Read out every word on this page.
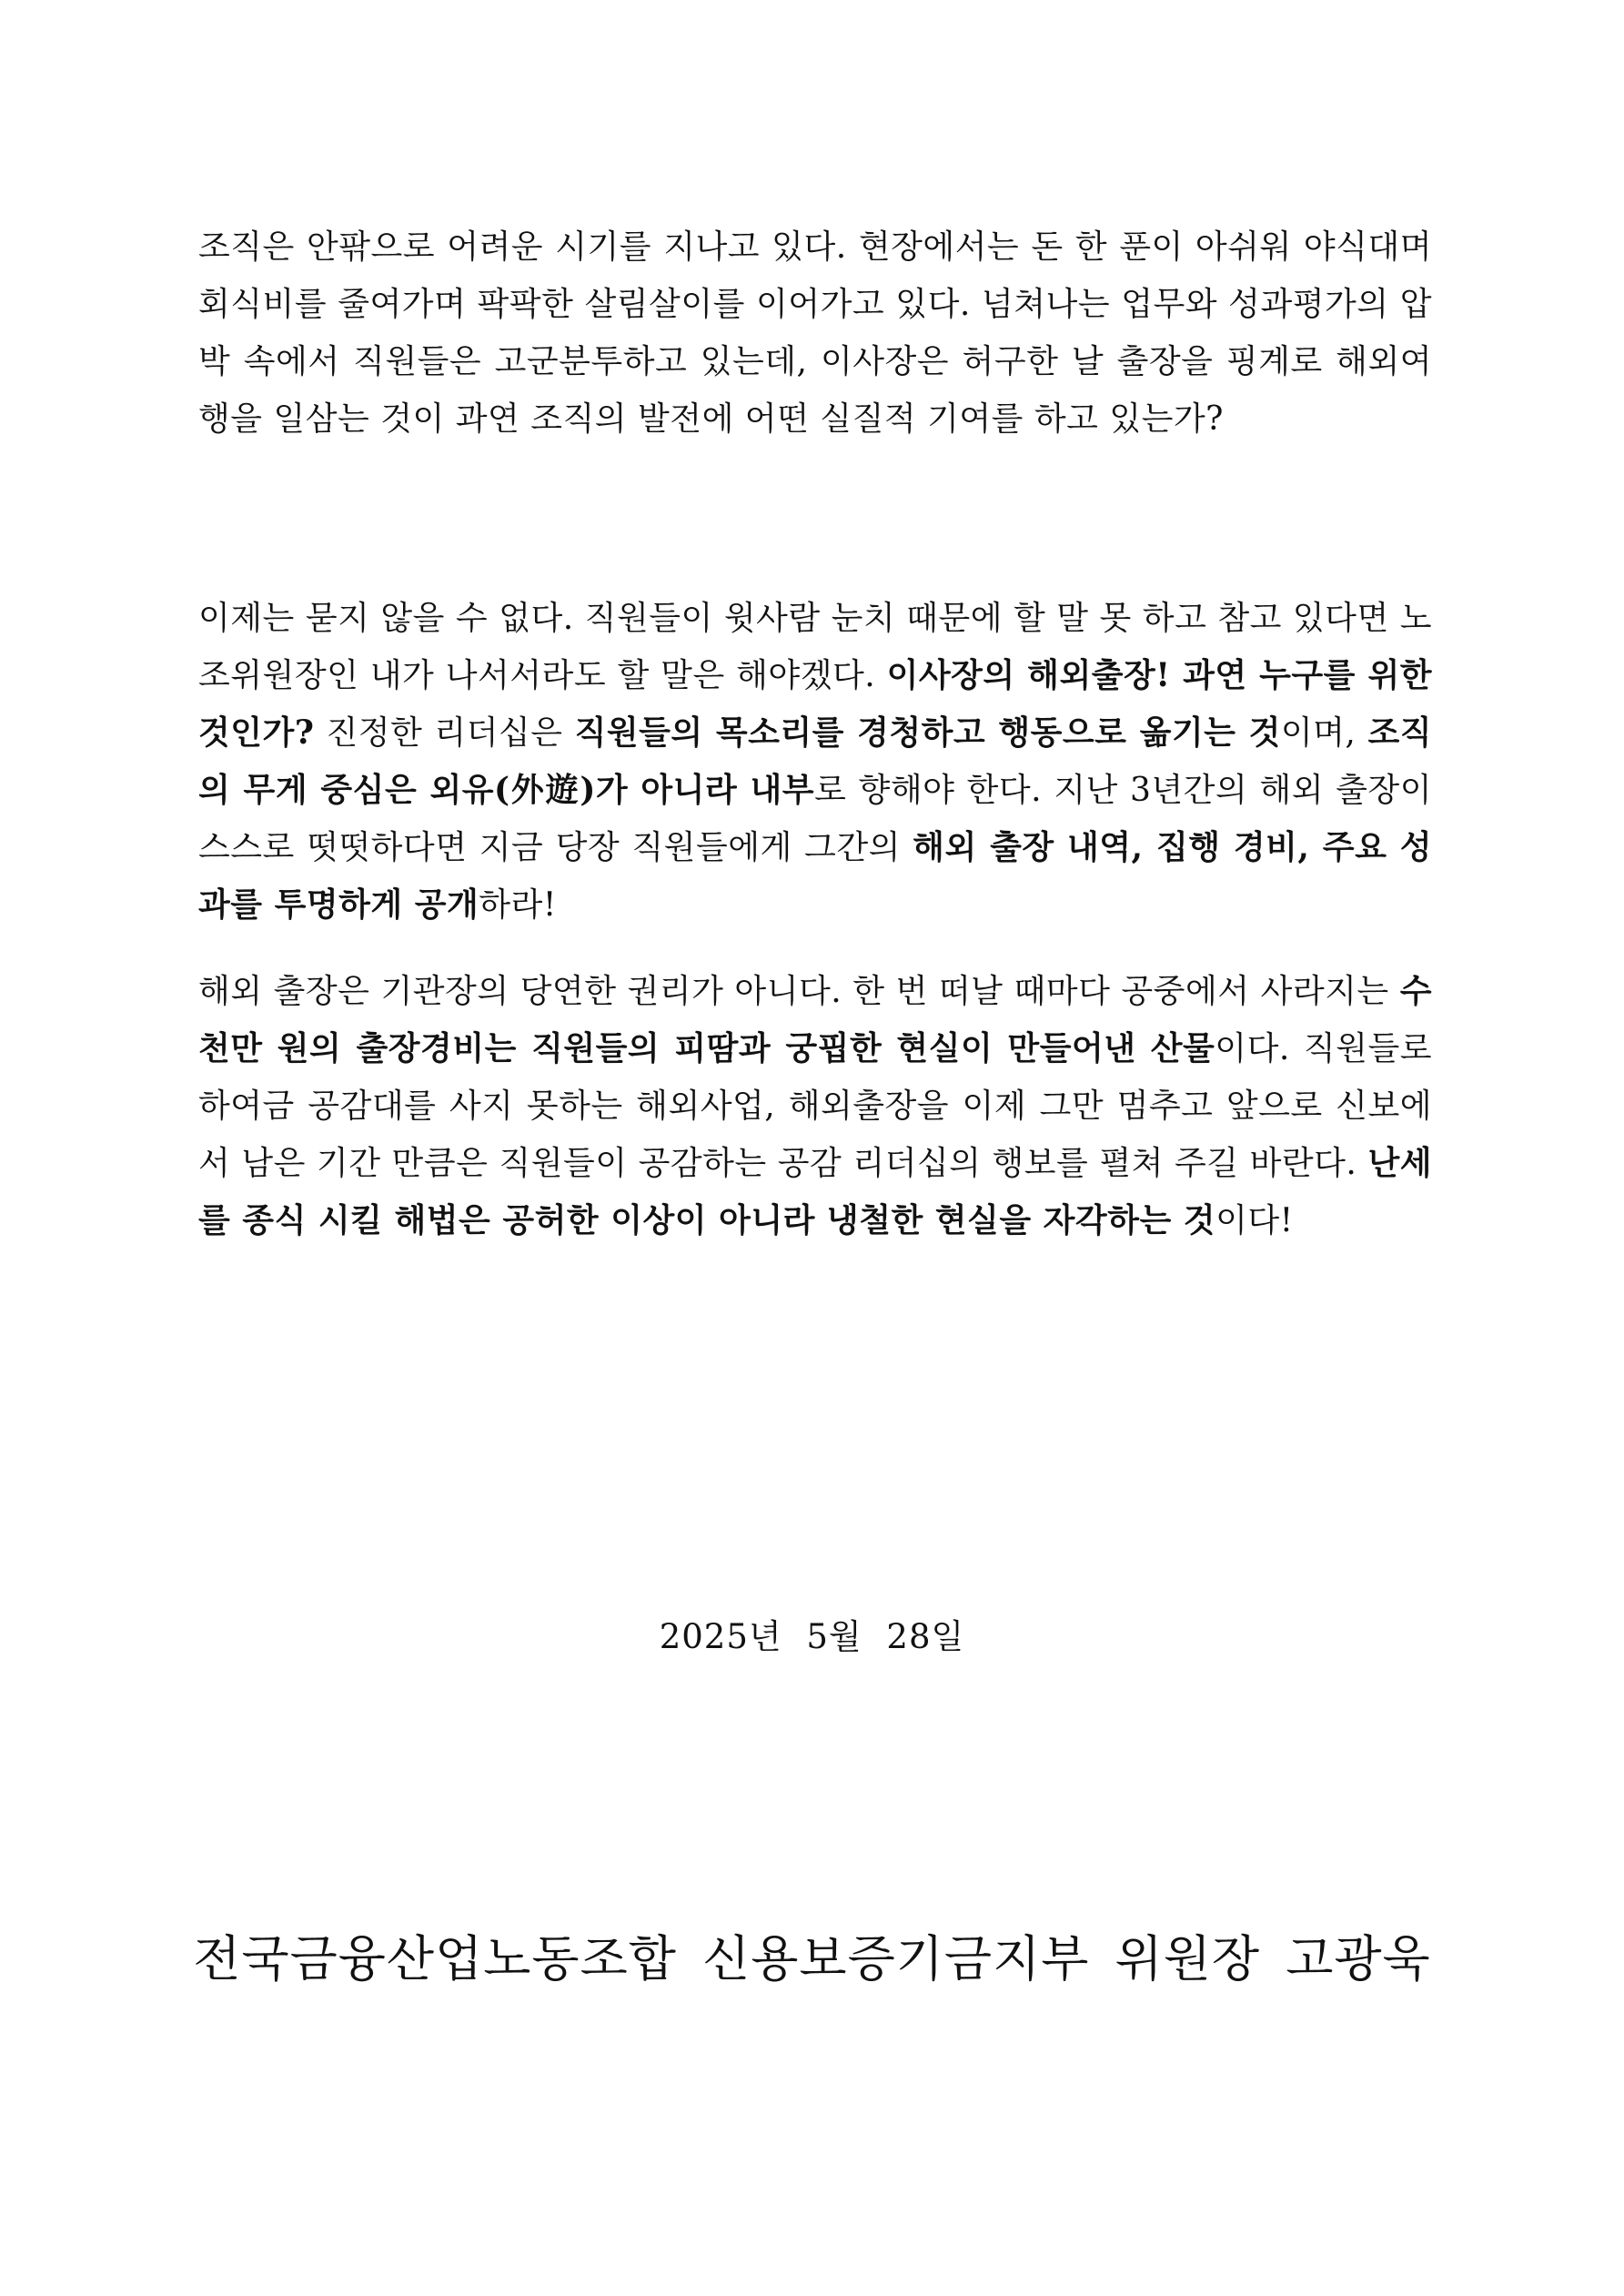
조직은 안팎으로 어려운 시기를 지나고 있다. 현장에서는 돈 한 푼이 아쉬워 야식대며 회식비를 줄여가며 팍팍한 살림살이를 이어가고 있다. 넘쳐나는 업무와 성과평가의 압박 속에서 직원들은 고군분투하고 있는데, 이사장은 허구한 날 출장을 핑계로 해외여행을 일삼는 것이 과연 조직의 발전에 어떤 실질적 기여를 하고 있는가?
이제는 묻지 않을 수 없다. 직원들이 윗사람 눈치 때문에 할 말 못 하고 참고 있다면 노조위원장인 내가 나서서라도 할 말은 해야겠다. 이사장의 해외출장! 과연 누구를 위한 것인가? 진정한 리더십은 직원들의 목소리를 경청하고 행동으로 옮기는 것이며, 조직의 무게 중심은 외유(外遊)가 아니라 내부로 향해야 한다. 지난 3년간의 해외 출장이 스스로 떳떳하다면 지금 당장 직원들에게 그간의 해외 출장 내역, 집행 경비, 주요 성과를 투명하게 공개하라!
해외 출장은 기관장의 당연한 권리가 아니다. 한 번 떠날 때마다 공중에서 사라지는 수천만 원의 출장경비는 직원들의 피땀과 궁핍한 현실이 만들어낸 산물이다. 직원들로 하여금 공감대를 사지 못하는 해외사업, 해외출장을 이제 그만 멈추고 앞으로 신보에서 남은 기간 만큼은 직원들이 공감하는 공감 리더십의 행보를 펼쳐 주길 바란다. 난세를 종식 시킬 해법은 공허한 이상이 아니라 냉철한 현실을 자각하는 것이다!
2025년 5월 28일
전국금융산업노동조합 신용보증기금지부 위원장 고광욱
